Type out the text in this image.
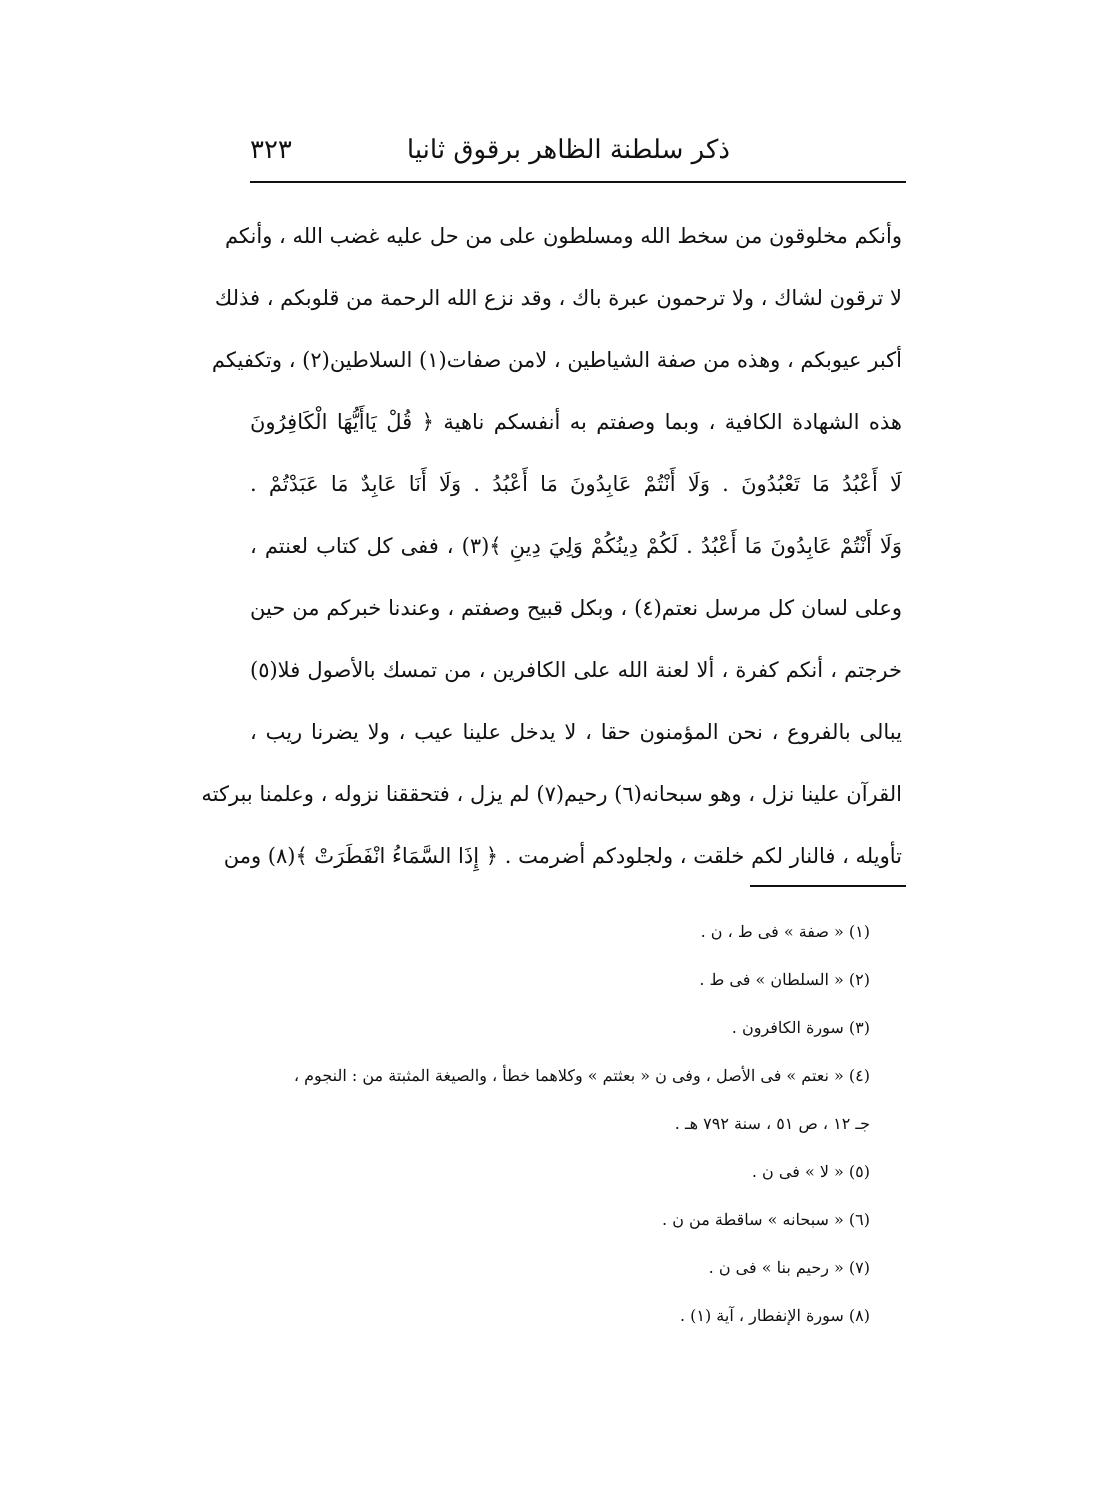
ذكر سلطنة الظاهر برقوق ثانيا
٣٢٣
وأنكم مخلوقون من سخط الله ومسلطون على من حل عليه غضب الله ، وأنكم
لا ترقون لشاك ، ولا ترحمون عبرة باك ، وقد نزع الله الرحمة من قلوبكم ، فذلك
أكبر عيوبكم ، وهذه من صفة الشياطين ، لامن صفات(١) السلاطين(٢) ، وتكفيكم
هذه الشهادة الكافية ، وبما وصفتم به أنفسكم ناهية ﴿ قُلْ يَاأَيُّهَا الْكَافِرُونَ
لَا أَعْبُدُ مَا تَعْبُدُونَ . وَلَا أَنْتُمْ عَابِدُونَ مَا أَعْبُدُ . وَلَا أَنَا عَابِدٌ مَا عَبَدْتُمْ .
وَلَا أَنْتُمْ عَابِدُونَ مَا أَعْبُدُ . لَكُمْ دِينُكُمْ وَلِيَ دِينِ ﴾(٣) ، ففى كل كتاب لعنتم ،
وعلى لسان كل مرسل نعتم(٤) ، وبكل قبيح وصفتم ، وعندنا خبركم من حين
خرجتم ، أنكم كفرة ، ألا لعنة الله على الكافرين ، من تمسك بالأصول فلا(٥)
يبالى بالفروع ، نحن المؤمنون حقا ، لا يدخل علينا عيب ، ولا يضرنا ريب ،
القرآن علينا نزل ، وهو سبحانه(٦) رحيم(٧) لم يزل ، فتحققنا نزوله ، وعلمنا ببركته
تأويله ، فالنار لكم خلقت ، ولجلودكم أضرمت . ﴿ إِذَا السَّمَاءُ انْفَطَرَتْ ﴾(٨) ومن
(١) « صفة » فى ط ، ن .
(٢) « السلطان » فى ط .
(٣) سورة الكافرون .
(٤) « نعتم » فى الأصل ، وفى ن « بعثتم » وكلاهما خطأ ، والصيغة المثبتة من : النجوم ،
جـ ١٢ ، ص ٥١ ، سنة ٧٩٢ هـ .
(٥) « لا » فى ن .
(٦) « سبحانه » ساقطة من ن .
(٧) « رحيم بنا » فى ن .
(٨) سورة الإنفطار ، آية (١) .
